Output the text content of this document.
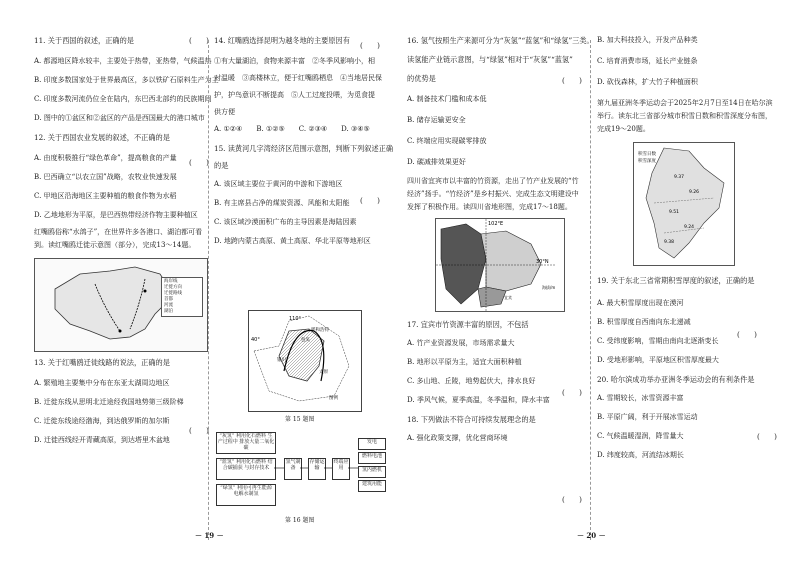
11. 关于西国的叙述，正确的是	(　　)

A. 都源地区降水较丰，主要处于热带，亚热带，气候温热

B. 印度多数国家处于世界最高区，多以铁矿石原料生产为主

C. 印度多数河流仍位全在陆内，东巴西北部约的民族期间

D. 图中的①盆区和②盆区的产品是西国最大的港口城市

12. 关于西国农业发展的叙述，不正确的是

(　　)

A. 由度积极推行“绿色革命”，提高粮食的产量

B. 巴西确立“以农立国”战略，农牧业快速发展

C. 甲地区沿海地区主要种植的粮食作物为水稻

D. 乙地地形为平原，是巴西热带经济作物主要种植区

红嘴鸥俗称“水鸽子”，在世界许多各港口、湖泊都可看到。读红嘴鸥迁徙示意图（部分），完成13～14题。
海岸线
迁徙方向
迁徙路线
首都
河流
湖泊

13. 关于红嘴鸥迁徙线路的说法，正确的是

A. 繁殖地主要集中分布在东亚太湖周边地区

B. 迁徙东线从思明北迁途经我国地势第三级阶梯

C. 迁徙东线途经渤海，到达俄罗斯的加尔斯

D. 迁徙西线经开青藏高原，到达塔里木盆地

(　　)

14. 红嘴鸥选择昆明为越冬地的主要原因有

①有大量湖泊，食物来源丰富　②冬季风影响小，相

对温暖　③高楼林立，便于红嘴鸥栖息　④当地居民保

护，护鸟意识不断提高　⑤人工过度投喂，为觅食提

供方便

A. ①②④ B. ①②⑤ C. ②③④ D. ③④⑤

15. 读黄河几字湾经济区范围示意图，判断下列叙述正确

的是

A. 该区域主要位于黄河的中游和下游地区

B. 有主席县占净的煤炭资源、风能和太阳能

C. 该区域沙漠面积广布的主导因素是海陆因素

D. 地跨内蒙古高原、黄土高原、华北平原等地形区

(　　)
(　　)
110°
40°
呼和浩特
包头
太原
银川
图例
第 15 题图
“灰氢” 利用化石燃料 生产过程中 排放大量二氧化碳
“蓝氢” 利用化石燃料 结合碳捕获 与封存技术
“绿氢” 利用可再生能源 电解水制氢
氢气制备
存储运输
终端应用
发电
燃料电池
氢内燃机
建筑用能
第 16 题图
－ 19 －

16. 氢气按照生产来源可分为“灰氢”“蓝氢”和“绿氢”三类。

读氢能产业链示意图，与“绿氢”相对于“灰氢”“蓝氢”

的优势是

A. 制备技术门槛和成本低

B. 储存运输更安全

C. 终端应用实现碳零排放

D. 碳减排效果更好

四川省宜宾市以丰富的竹资源，走出了竹产业发展的“竹经济”扬手。“竹经济”是乡村振兴、完成生态文明建设中发挥了积极作用。读四川省地形图，完成17～18题。
102°E
30°N
海拔/m
宜宾

17. 宜宾市竹资源丰富的原因，不包括

A. 竹产业资源发展，市场需求量大

B. 地形以平原为主，适宜大面积种植

C. 多山地、丘陵，地势起伏大，排水良好

D. 季风气候，夏季高温，冬季温和，降水丰富

18. 下列做法不符合可持续发展理念的是

A. 强化政策支撑，优化营商环境

(　　)
(　　)
(　　)

B. 加大科技投入，开发产品种类

C. 培育消费市场，延长产业链条

D. 砍伐森林，扩大竹子种植面积

第九届亚洲冬季运动会于2025年2月7日至14日在哈尔滨举行。读东北三省部分城市积雪日数和积雪深度分布图，完成19～20题。
积雪日数
积雪深度
9.37
9.26
9.51
9.24
9.38

19. 关于东北三省常期积雪厚度的叙述，正确的是

A. 最大积雪厚度出现在漠河

B. 积雪厚度自西南向东北递减

C. 受纬度影响，雪期由南向北逐渐变长

D. 受地形影响，平原地区积雪厚度最大

20. 哈尔滨成功举办亚洲冬季运动会的有利条件是

A. 雪期较长，冰雪资源丰富

B. 平原广阔，利于开展冰雪运动

C. 气候温暖湿润，降雪量大

D. 纬度较高，河流结冰期长

(　　)
(　　)
－ 20 －
